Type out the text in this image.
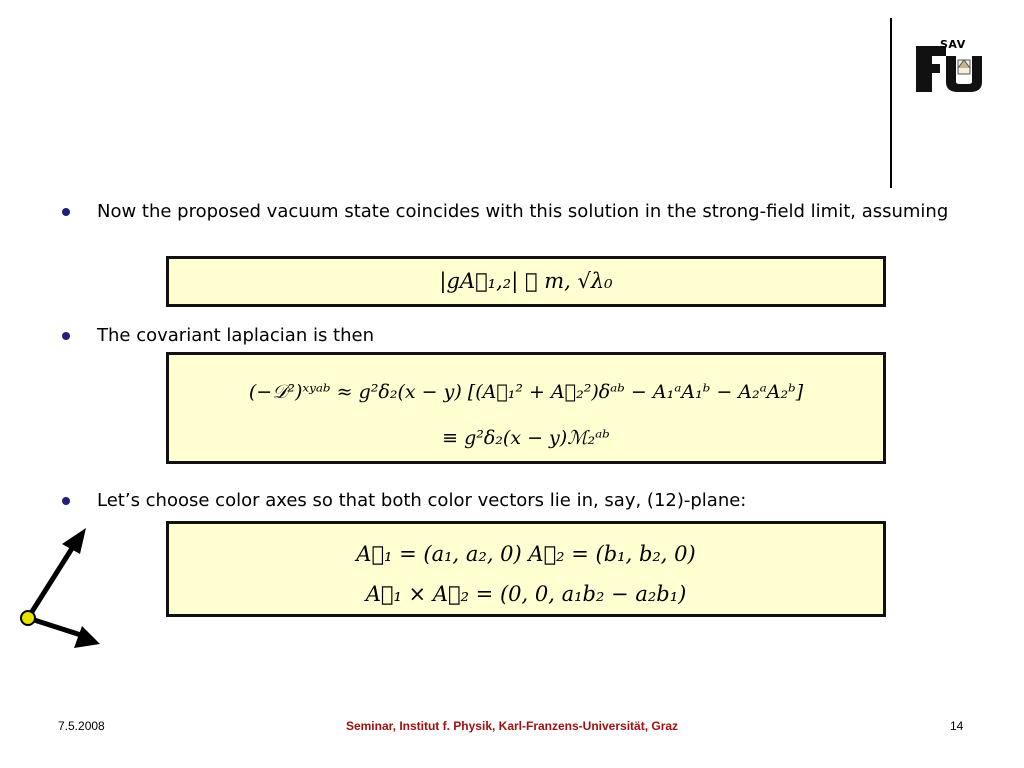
SAV
Now the proposed vacuum state coincides with this solution in the strong-field limit, assuming
|gA⃗₁,₂| ≫ m, √λ₀
The covariant laplacian is then
(−𝒟²)ˣʸᵃᵇ ≈ g²δ₂(x − y) [(A⃗₁² + A⃗₂²)δᵃᵇ − A₁ᵃA₁ᵇ − A₂ᵃA₂ᵇ]
≡ g²δ₂(x − y)ℳ₂ᵃᵇ
Let’s choose color axes so that both color vectors lie in, say, (12)-plane:
A⃗₁ = (a₁, a₂, 0) A⃗₂ = (b₁, b₂, 0)
A⃗₁ × A⃗₂ = (0, 0, a₁b₂ − a₂b₁)
7.5.2008	Seminar, Institut f. Physik, Karl-Franzens-Universität, Graz	14
